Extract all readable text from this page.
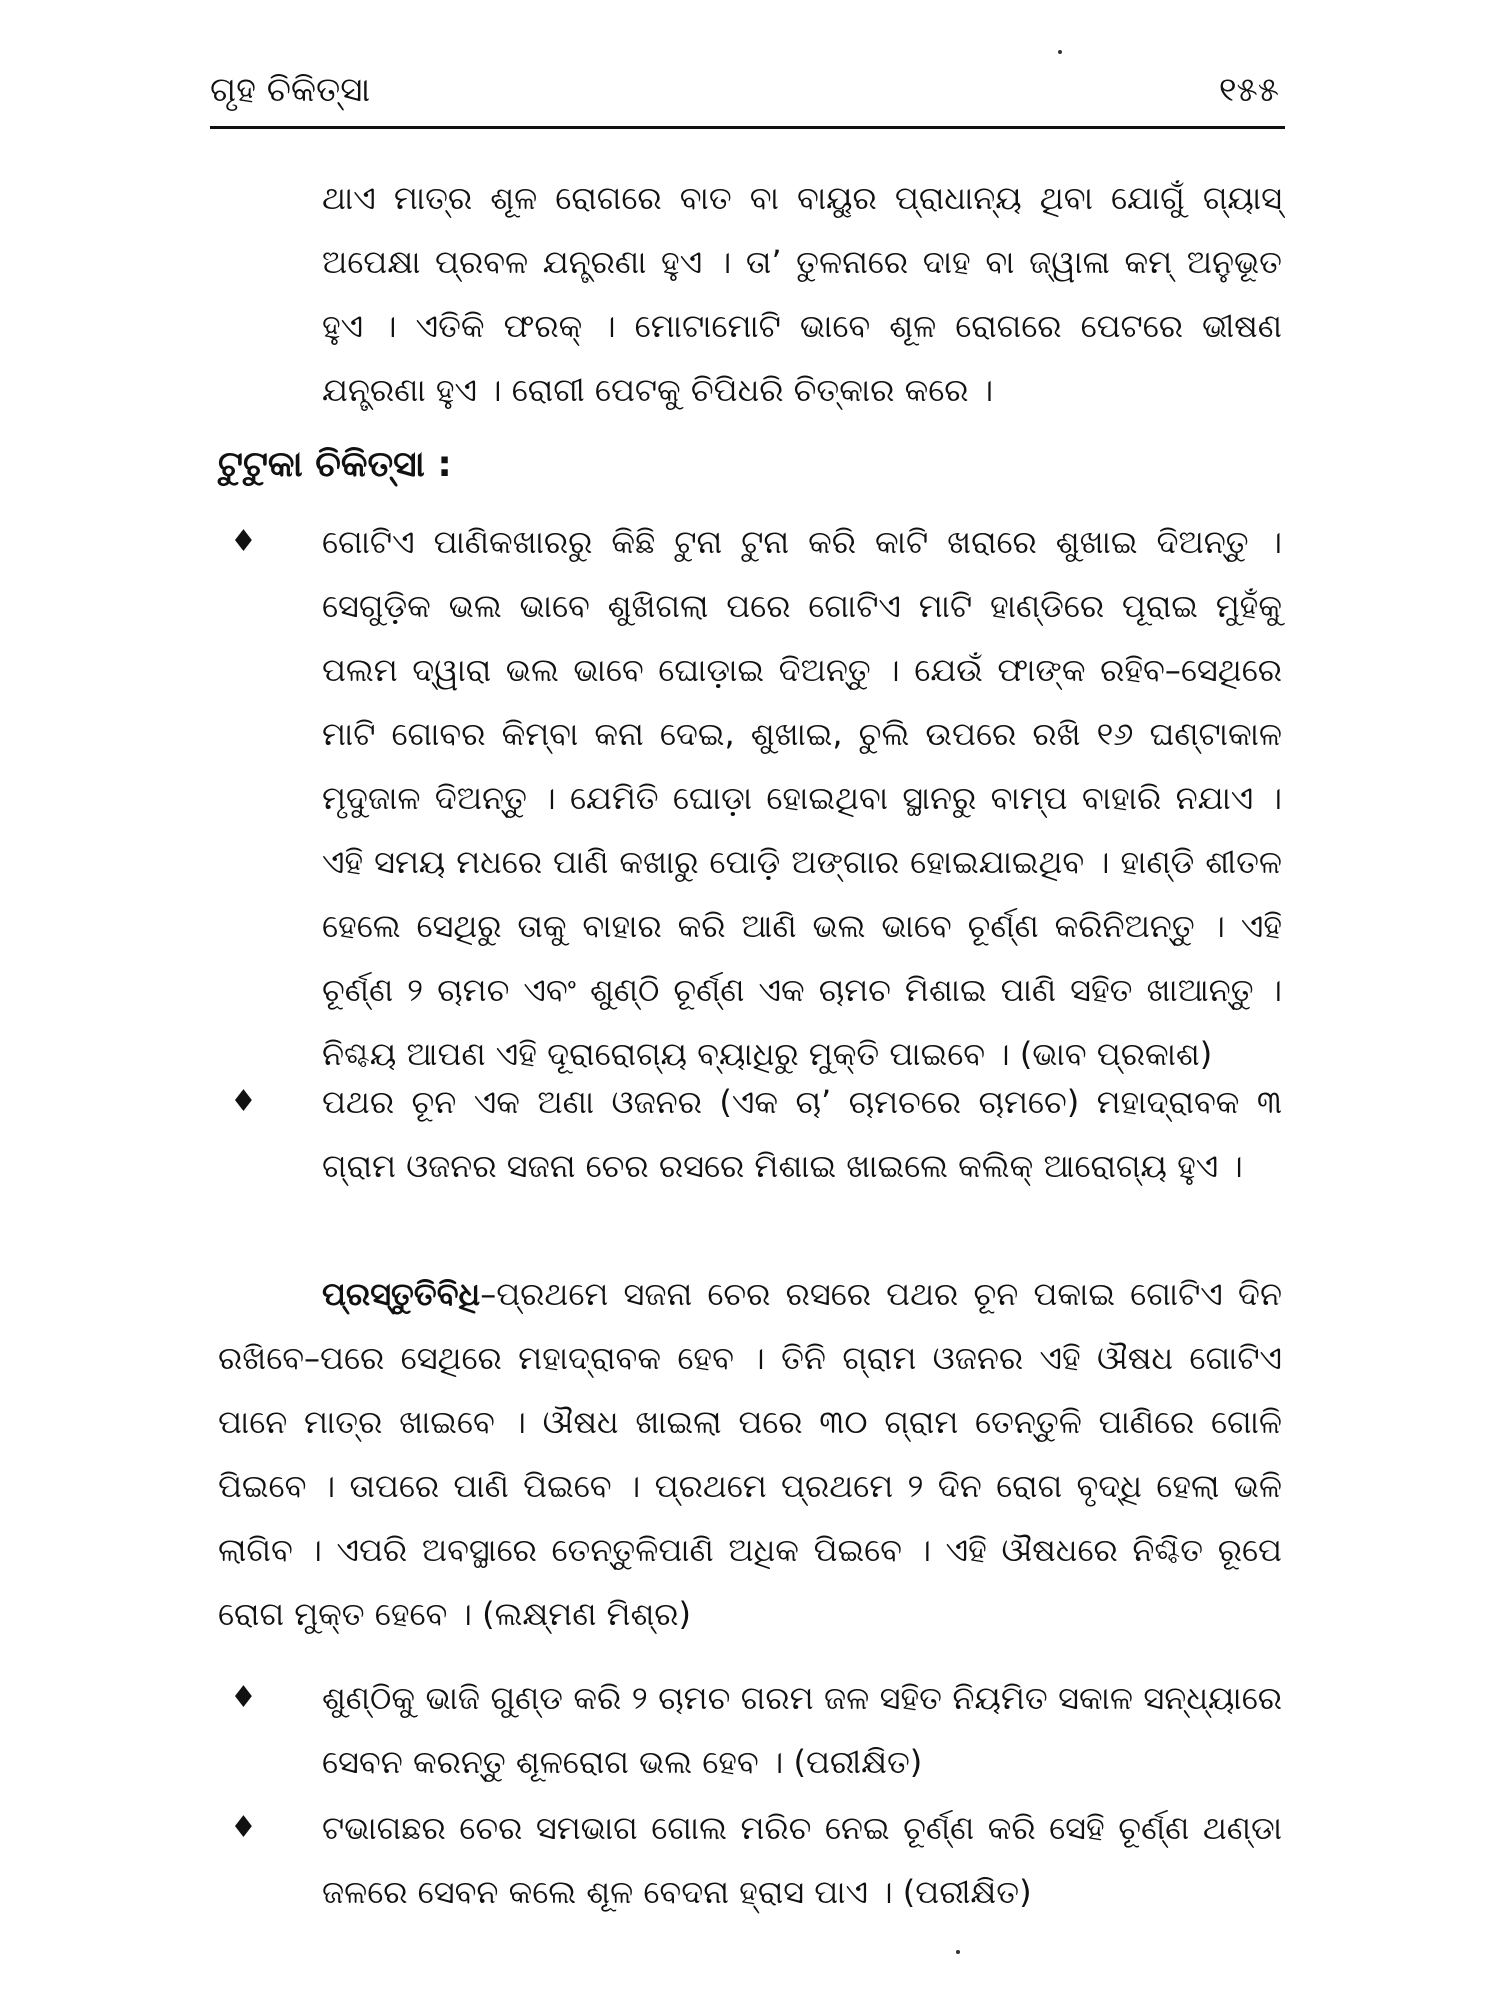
ଗୃହ ଚିକିତ୍ସା	୧୫୫

ଥାଏ ମାତ୍ର ଶୂଳ ରୋଗରେ ବାତ ବା ବାୟୁର ପ୍ରାଧାନ୍ୟ ଥିବା ଯୋଗୁଁ ଗ୍ୟାସ୍ ଅପେକ୍ଷା ପ୍ରବଳ ଯନ୍ତ୍ରଣା ହୁଏ । ତା’ ତୁଳନାରେ ଦାହ ବା ଜ୍ୱାଳା କମ୍ ଅନୁଭୂତ ହୁଏ । ଏତିକି ଫରକ୍ । ମୋଟାମୋଟି ଭାବେ ଶୂଳ ରୋଗରେ ପେଟରେ ଭୀଷଣ ଯନ୍ତ୍ରଣା ହୁଏ । ରୋଗୀ ପେଟକୁ ଚିପିଧରି ଚିତ୍କାର କରେ ।

ଟୁଟୁକା ଚିକିତ୍ସା :
♦ ଗୋଟିଏ ପାଣିକଖାରରୁ କିଛି ଟୁନା ଟୁନା କରି କାଟି ଖରାରେ ଶୁଖାଇ ଦିଅନ୍ତୁ । ସେଗୁଡ଼ିକ ଭଲ ଭାବେ ଶୁଖିଗଲା ପରେ ଗୋଟିଏ ମାଟି ହାଣ୍ଡିରେ ପୂରାଇ ମୁହଁକୁ ପଲମ ଦ୍ୱାରା ଭଲ ଭାବେ ଘୋଡ଼ାଇ ଦିଅନ୍ତୁ । ଯେଉଁ ଫାଙ୍କ ରହିବ–ସେଥିରେ ମାଟି ଗୋବର କିମ୍ବା କନା ଦେଇ, ଶୁଖାଇ, ଚୁଲି ଉପରେ ରଖି ୧୬ ଘଣ୍ଟାକାଳ ମୃଦୁଜାଳ ଦିଅନ୍ତୁ । ଯେମିତି ଘୋଡ଼ା ହୋଇଥିବା ସ୍ଥାନରୁ ବାମ୍ପ ବାହାରି ନଯାଏ । ଏହି ସମୟ ମଧରେ ପାଣି କଖାରୁ ପୋଡ଼ି ଅଙ୍ଗାର ହୋଇଯାଇଥିବ । ହାଣ୍ଡି ଶୀତଳ ହେଲେ ସେଥିରୁ ତାକୁ ବାହାର କରି ଆଣି ଭଲ ଭାବେ ଚୂର୍ଣ୍ଣ କରିନିଅନ୍ତୁ । ଏହି ଚୂର୍ଣ୍ଣ ୨ ଚାମଚ ଏବଂ ଶୁଣ୍ଠି ଚୂର୍ଣ୍ଣ ଏକ ଚାମଚ ମିଶାଇ ପାଣି ସହିତ ଖାଆନ୍ତୁ । ନିଶ୍ଚୟ ଆପଣ ଏହି ଦୂରାରୋଗ୍ୟ ବ୍ୟାଧିରୁ ମୁକ୍ତି ପାଇବେ । (ଭାବ ପ୍ରକାଶ)

♦ ପଥର ଚୂନ ଏକ ଅଣା ଓଜନର (ଏକ ଚା’ ଚାମଚରେ ଚାମଚେ) ମହାଦ୍ରାବକ ୩ ଗ୍ରାମ ଓଜନର ସଜନା ଚେର ରସରେ ମିଶାଇ ଖାଇଲେ କଲିକ୍ ଆରୋଗ୍ୟ ହୁଏ ।

ପ୍ରସ୍ତୁତିବିଧି–ପ୍ରଥମେ ସଜନା ଚେର ରସରେ ପଥର ଚୂନ ପକାଇ ଗୋଟିଏ ଦିନ ରଖିବେ–ପରେ ସେଥିରେ ମହାଦ୍ରାବକ ହେବ । ତିନି ଗ୍ରାମ ଓଜନର ଏହି ଔଷଧ ଗୋଟିଏ ପାନେ ମାତ୍ର ଖାଇବେ । ଔଷଧ ଖାଇଲା ପରେ ୩୦ ଗ୍ରାମ ତେନ୍ତୁଳି ପାଣିରେ ଗୋଳି ପିଇବେ । ତାପରେ ପାଣି ପିଇବେ । ପ୍ରଥମେ ପ୍ରଥମେ ୨ ଦିନ ରୋଗ ବୃଦ୍ଧି ହେଲା ଭଳି ଲାଗିବ । ଏପରି ଅବସ୍ଥାରେ ତେନ୍ତୁଳିପାଣି ଅଧିକ ପିଇବେ । ଏହି ଔଷଧରେ ନିଶ୍ଚିତ ରୂପେ ରୋଗ ମୁକ୍ତ ହେବେ । (ଲକ୍ଷ୍ମଣ ମିଶ୍ର)

♦ ଶୁଣ୍ଠିକୁ ଭାଜି ଗୁଣ୍ଡ କରି ୨ ଚାମଚ ଗରମ ଜଳ ସହିତ ନିୟମିତ ସକାଳ ସନ୍ଧ୍ୟାରେ ସେବନ କରନ୍ତୁ ଶୂଳରୋଗ ଭଲ ହେବ । (ପରୀକ୍ଷିତ)

♦ ଟଭାଗଛର ଚେର ସମଭାଗ ଗୋଲ ମରିଚ ନେଇ ଚୂର୍ଣ୍ଣ କରି ସେହି ଚୂର୍ଣ୍ଣ ଥଣ୍ଡା ଜଳରେ ସେବନ କଲେ ଶୂଳ ବେଦନା ହ୍ରାସ ପାଏ । (ପରୀକ୍ଷିତ)
